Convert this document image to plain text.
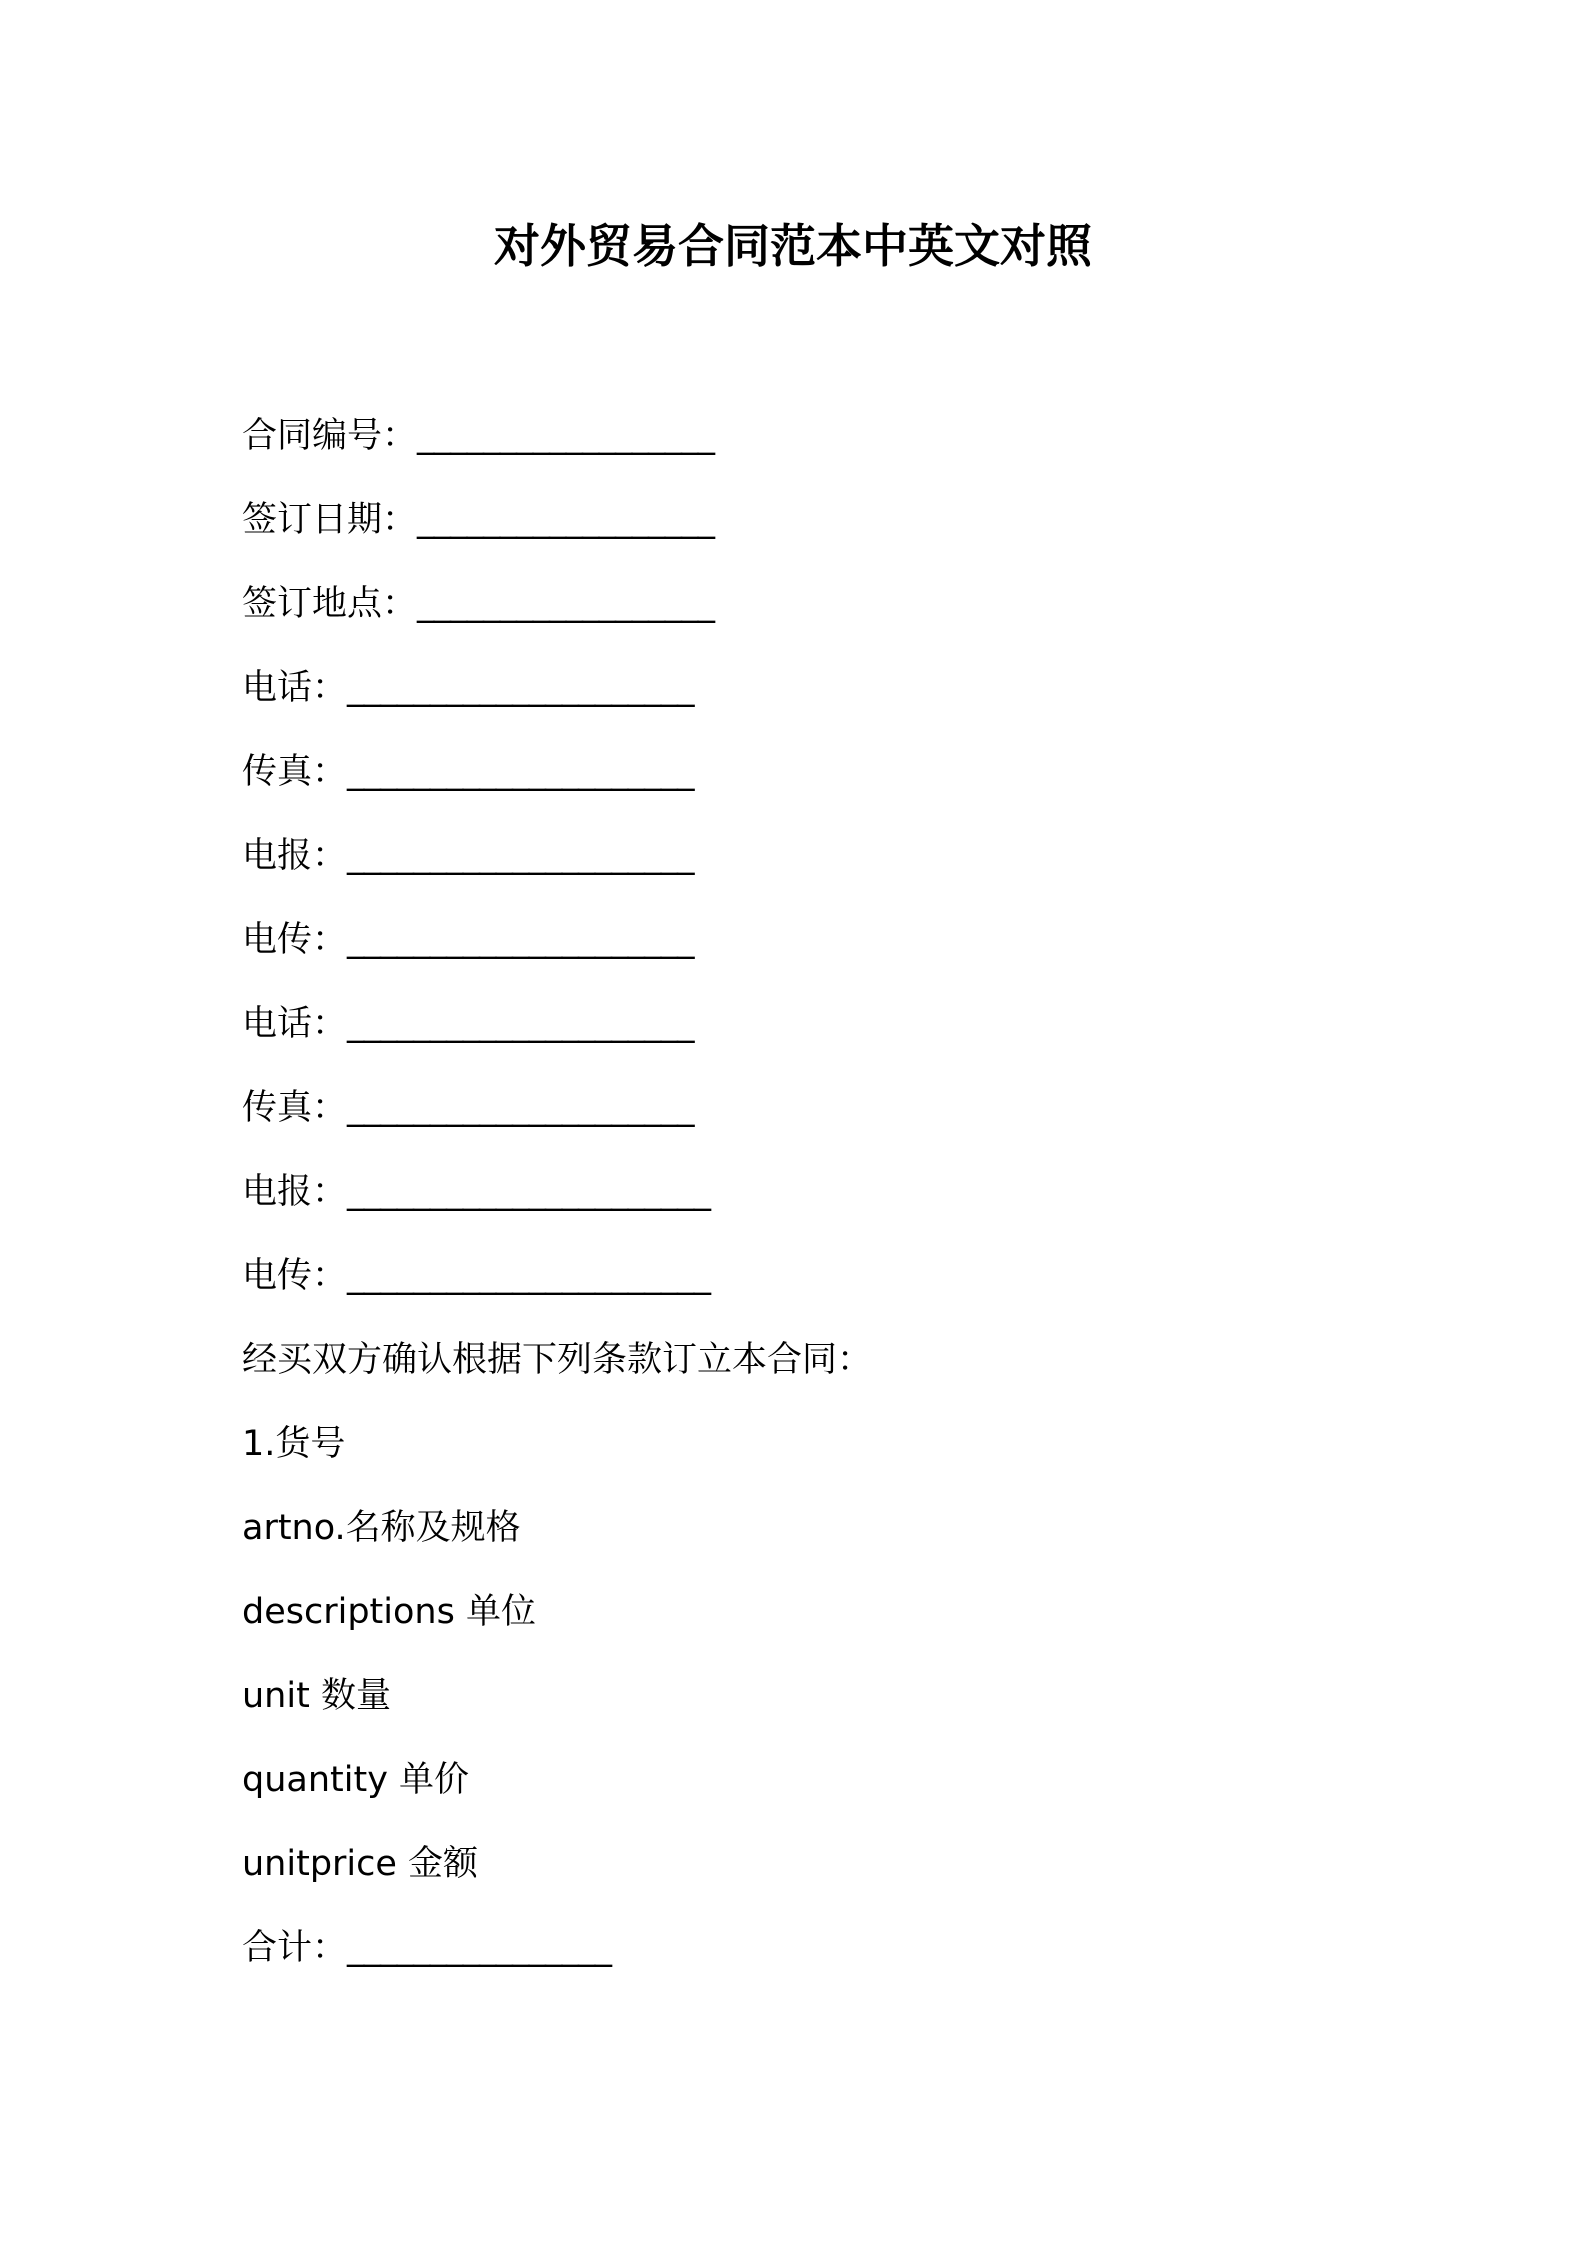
对外贸易合同范本中英文对照
合同编号：__________________
签订日期：__________________
签订地点：__________________
电话：_____________________
传真：_____________________
电报：_____________________
电传：_____________________
电话：_____________________
传真：_____________________
电报：______________________
电传：______________________
经买双方确认根据下列条款订立本合同：
1.货号
artno.名称及规格
descriptions 单位
unit 数量
quantity 单价
unitprice 金额
合计：________________
